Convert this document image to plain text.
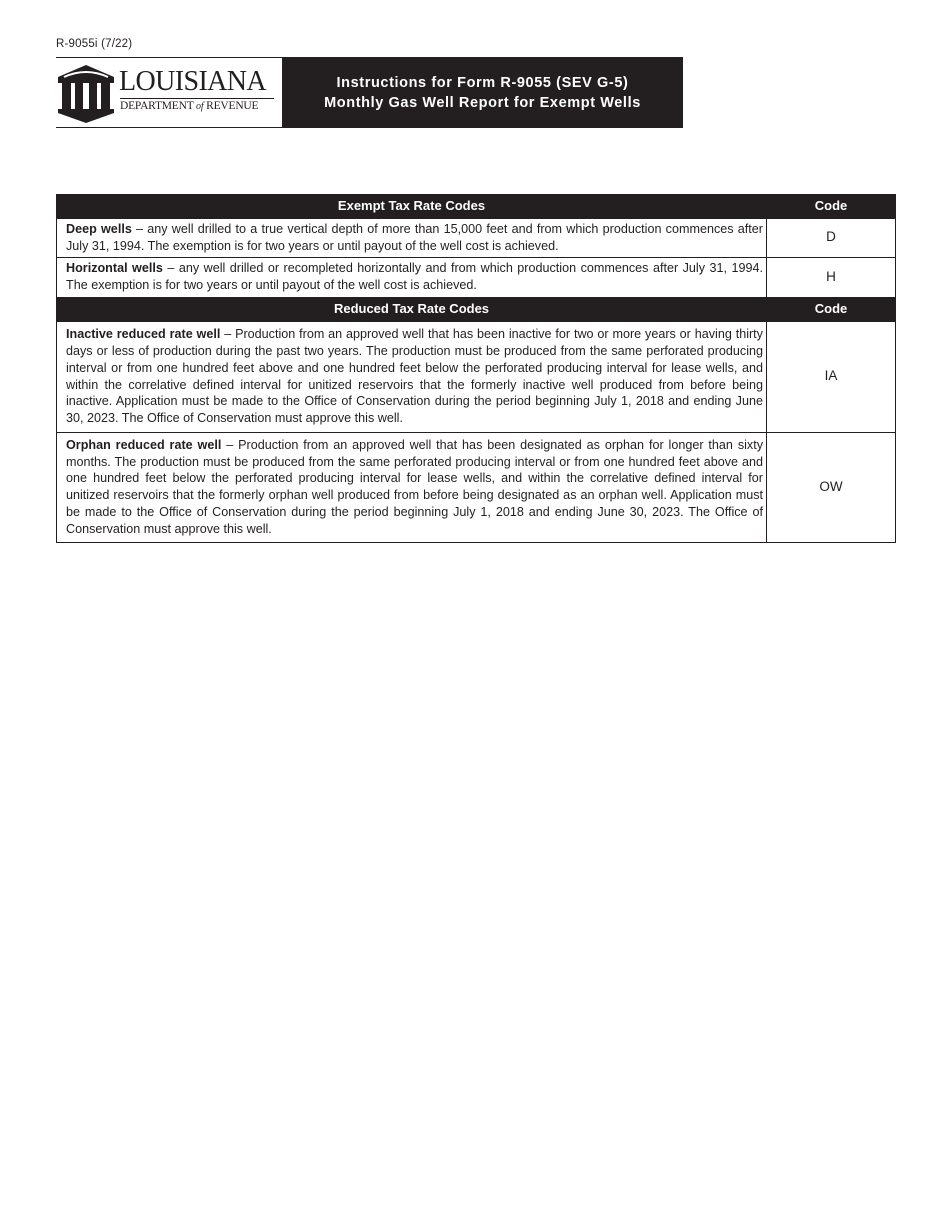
R-9055i (7/22)
LOUISIANA
DEPARTMENT of REVENUE
Instructions for Form R-9055 (SEV G-5)
Monthly Gas Well Report for Exempt Wells
Exempt Tax Rate Codes	Code
Deep wells – any well drilled to a true vertical depth of more than 15,000 feet and from which production commences after July 31, 1994. The exemption is for two years or until payout of the well cost is achieved.	D
Horizontal wells – any well drilled or recompleted horizontally and from which production commences after July 31, 1994. The exemption is for two years or until payout of the well cost is achieved.	H
Reduced Tax Rate Codes	Code
Inactive reduced rate well – Production from an approved well that has been inactive for two or more years or having thirty days or less of production during the past two years. The production must be produced from the same perforated producing interval or from one hundred feet above and one hundred feet below the perforated producing interval for lease wells, and within the correlative defined interval for unitized reservoirs that the formerly inactive well produced from before being inactive. Application must be made to the Office of Conservation during the period beginning July 1, 2018 and ending June 30, 2023. The Office of Conservation must approve this well.	IA
Orphan reduced rate well – Production from an approved well that has been designated as orphan for longer than sixty months. The production must be produced from the same perforated producing interval or from one hundred feet above and one hundred feet below the perforated producing interval for lease wells, and within the correlative defined interval for unitized reservoirs that the formerly orphan well produced from before being designated as an orphan well. Application must be made to the Office of Conservation during the period beginning July 1, 2018 and ending June 30, 2023. The Office of Conservation must approve this well.	OW
